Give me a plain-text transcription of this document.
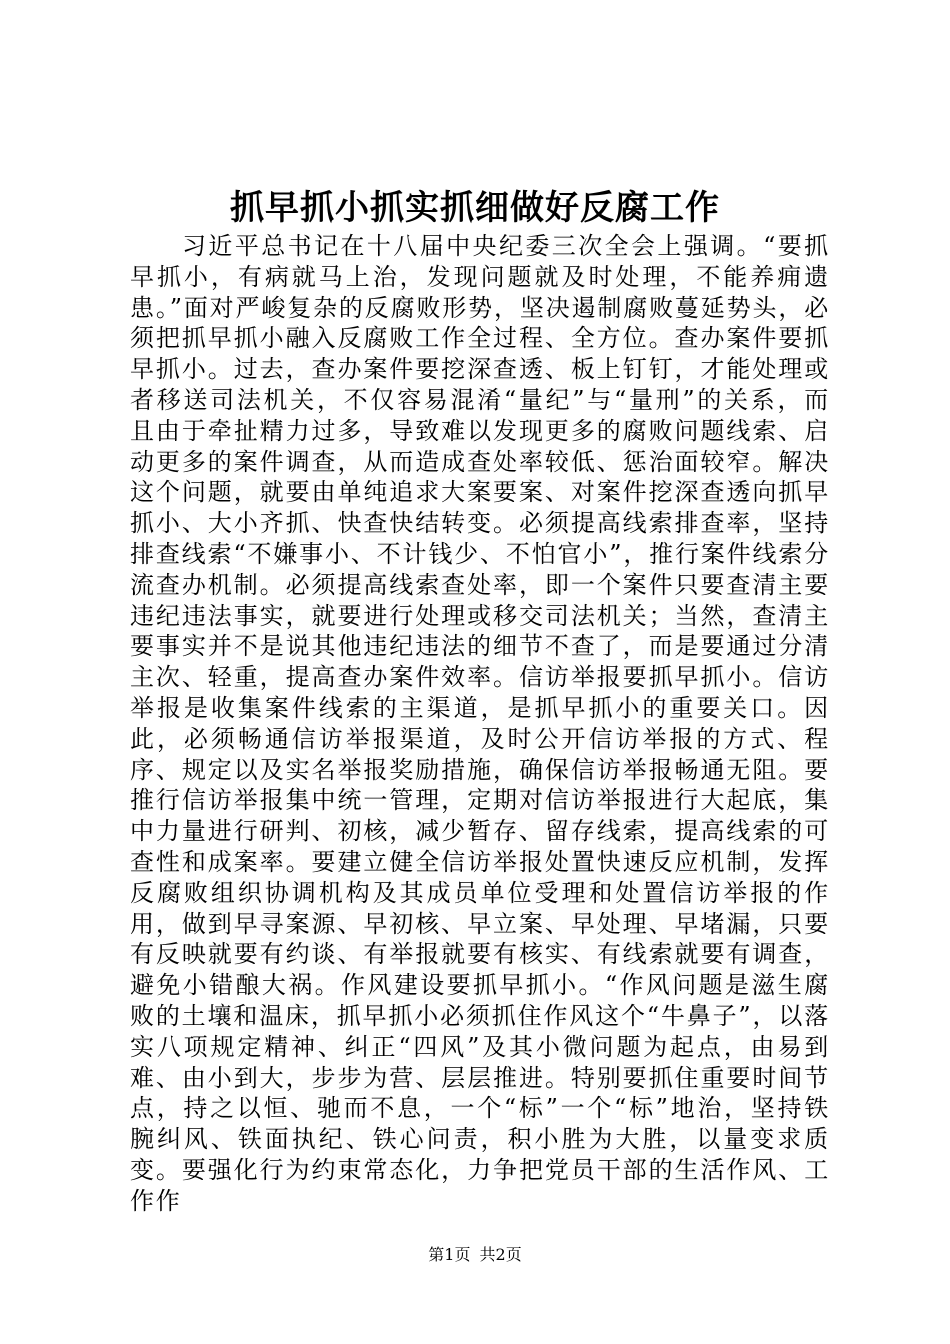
抓早抓小抓实抓细做好反腐工作

习近平总书记在十八届中央纪委三次全会上强调。“要抓早抓小，有病就马上治，发现问题就及时处理，不能养痈遗患。”面对严峻复杂的反腐败形势，坚决遏制腐败蔓延势头，必须把抓早抓小融入反腐败工作全过程、全方位。查办案件要抓早抓小。过去，查办案件要挖深查透、板上钉钉，才能处理或者移送司法机关，不仅容易混淆“量纪”与“量刑”的关系，而且由于牵扯精力过多，导致难以发现更多的腐败问题线索、启动更多的案件调查，从而造成查处率较低、惩治面较窄。解决这个问题，就要由单纯追求大案要案、对案件挖深查透向抓早抓小、大小齐抓、快查快结转变。必须提高线索排查率，坚持排查线索“不嫌事小、不计钱少、不怕官小”，推行案件线索分流查办机制。必须提高线索查处率，即一个案件只要查清主要违纪违法事实，就要进行处理或移交司法机关；当然，查清主要事实并不是说其他违纪违法的细节不查了，而是要通过分清主次、轻重，提高查办案件效率。信访举报要抓早抓小。信访举报是收集案件线索的主渠道，是抓早抓小的重要关口。因此，必须畅通信访举报渠道，及时公开信访举报的方式、程序、规定以及实名举报奖励措施，确保信访举报畅通无阻。要推行信访举报集中统一管理，定期对信访举报进行大起底，集中力量进行研判、初核，减少暂存、留存线索，提高线索的可查性和成案率。要建立健全信访举报处置快速反应机制，发挥反腐败组织协调机构及其成员单位受理和处置信访举报的作用，做到早寻案源、早初核、早立案、早处理、早堵漏，只要有反映就要有约谈、有举报就要有核实、有线索就要有调查，避免小错酿大祸。作风建设要抓早抓小。“作风问题是滋生腐败的土壤和温床，抓早抓小必须抓住作风这个“牛鼻子”，以落实八项规定精神、纠正“四风”及其小微问题为起点，由易到难、由小到大，步步为营、层层推进。特别要抓住重要时间节点，持之以恒、驰而不息，一个“标”一个“标”地治，坚持铁腕纠风、铁面执纪、铁心问责，积小胜为大胜，以量变求质变。要强化行为约束常态化，力争把党员干部的生活作风、工作作

第1页 共2页
